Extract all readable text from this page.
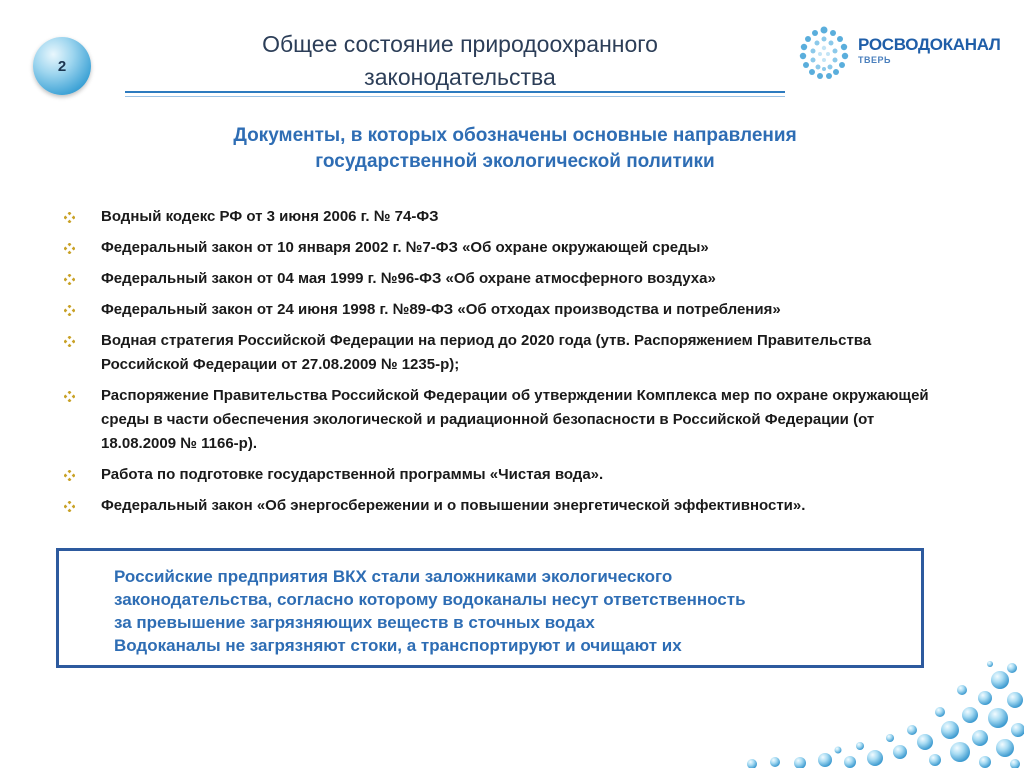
2
Общее состояние природоохранного
законодательства
РОСВОДОКАНАЛ
ТВЕРЬ
Документы, в которых обозначены основные направления
государственной экологической политики
Водный кодекс РФ от 3 июня 2006 г. № 74-ФЗ
Федеральный закон от 10 января 2002 г. №7-ФЗ «Об охране окружающей среды»
Федеральный закон от 04 мая 1999 г. №96-ФЗ «Об охране атмосферного воздуха»
Федеральный закон от 24 июня 1998 г. №89-ФЗ «Об отходах производства и потребления»
Водная стратегия Российской Федерации на период до 2020 года (утв. Распоряжением Правительства Российской Федерации от 27.08.2009 № 1235-р);
Распоряжение Правительства Российской Федерации об утверждении Комплекса мер по охране окружающей среды в части обеспечения экологической и радиационной безопасности в Российской Федерации (от 18.08.2009 № 1166-р).
Работа по подготовке государственной программы «Чистая вода».
Федеральный закон «Об энергосбережении и о повышении энергетической эффективности».
Российские предприятия ВКХ стали заложниками экологического
законодательства, согласно которому водоканалы несут ответственность
за превышение загрязняющих веществ в сточных водах
Водоканалы не загрязняют стоки, а транспортируют и очищают их
